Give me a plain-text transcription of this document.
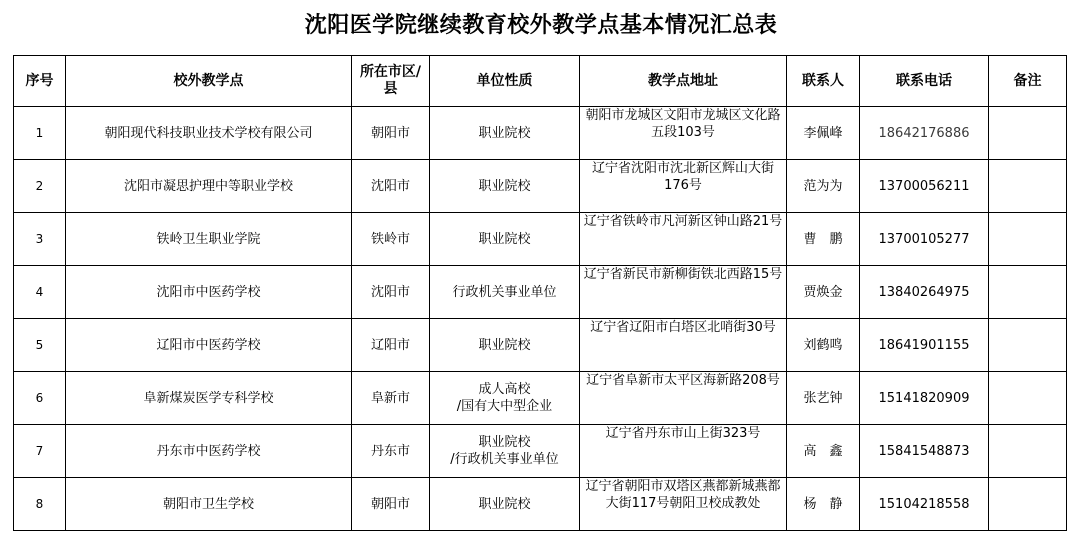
沈阳医学院继续教育校外教学点基本情况汇总表
序号	校外教学点	所在市区/县	单位性质	教学点地址	联系人	联系电话	备注
1	朝阳现代科技职业技术学校有限公司	朝阳市	职业院校	朝阳市龙城区文阳市龙城区文化路五段103号	李佩峰	18642176886	
2	沈阳市凝思护理中等职业学校	沈阳市	职业院校	辽宁省沈阳市沈北新区辉山大街176号	范为为	13700056211	
3	铁岭卫生职业学院	铁岭市	职业院校	辽宁省铁岭市凡河新区钟山路21号	曹　鹏	13700105277	
4	沈阳市中医药学校	沈阳市	行政机关事业单位	辽宁省新民市新柳街铁北西路15号	贾焕金	13840264975	
5	辽阳市中医药学校	辽阳市	职业院校	辽宁省辽阳市白塔区北哨街30号	刘鹤鸣	18641901155	
6	阜新煤炭医学专科学校	阜新市	成人高校
/国有大中型企业	辽宁省阜新市太平区海新路208号	张艺钟	15141820909	
7	丹东市中医药学校	丹东市	职业院校
/行政机关事业单位	辽宁省丹东市山上街323号	高　鑫	15841548873	
8	朝阳市卫生学校	朝阳市	职业院校	辽宁省朝阳市双塔区燕都新城燕都大街117号朝阳卫校成教处	杨　静	15104218558	
